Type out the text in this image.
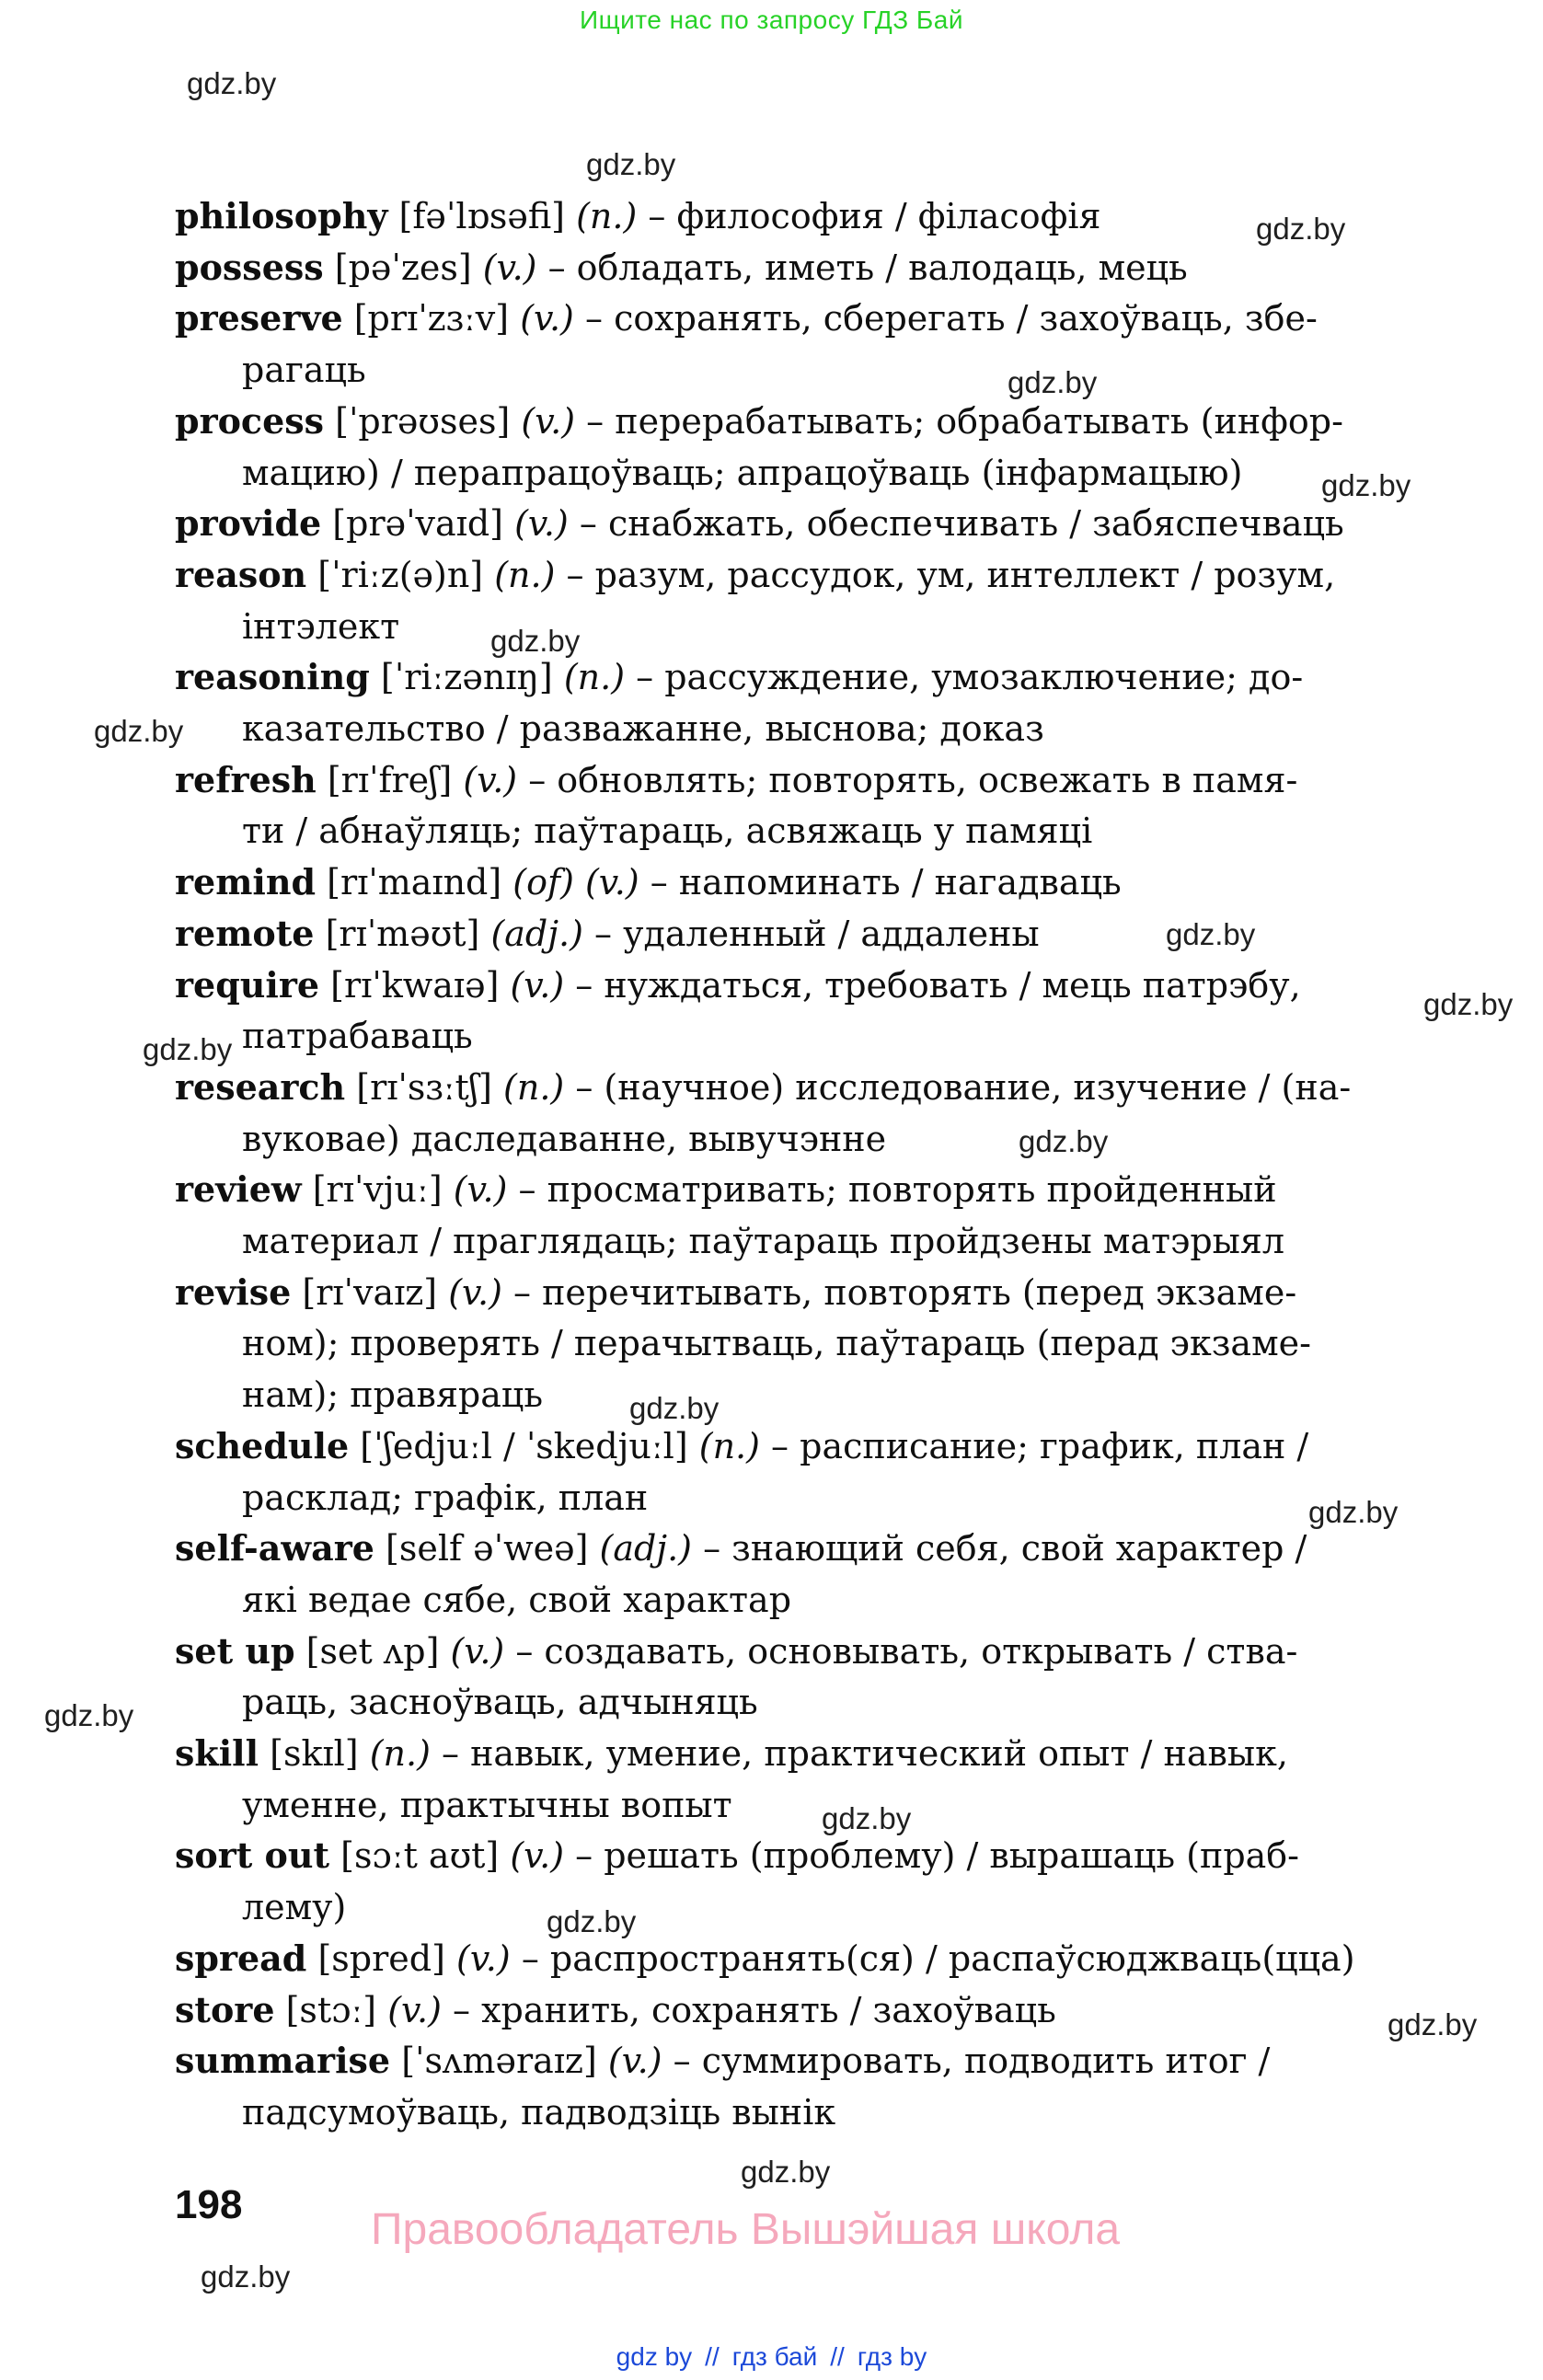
Ищите нас по запросу ГДЗ Бай
gdz.by
gdz.by
gdz.by
gdz.by
gdz.by
gdz.by
gdz.by
gdz.by
gdz.by
gdz.by
gdz.by
gdz.by
gdz.by
gdz.by
gdz.by
gdz.by
gdz.by
gdz.by
gdz.by
philosophy [fəˈlɒsəfi] (n.) – философия / філасофія
possess [pəˈzes] (v.) – обладать, иметь / валодаць, мець
preserve [prɪˈzɜːv] (v.) – сохранять, сберегать / захоўваць, збе-
рагаць
process [ˈprəʊses] (v.) – перерабатывать; обрабатывать (инфор-
мацию) / перапрацоўваць; апрацоўваць (інфармацыю)
provide [prəˈvaɪd] (v.) – снабжать, обеспечивать / забяспечваць
reason [ˈriːz(ə)n] (n.) – разум, рассудок, ум, интеллект / розум,
інтэлект
reasoning [ˈriːzənɪŋ] (n.) – рассуждение, умозаключение; до-
казательство / разважанне, выснова; доказ
refresh [rɪˈfreʃ] (v.) – обновлять; повторять, освежать в памя-
ти / абнаўляць; паўтараць, асвяжаць у памяці
remind [rɪˈmaɪnd] (of) (v.) – напоминать / нагадваць
remote [rɪˈməʊt] (adj.) – удаленный / аддалены
require [rɪˈkwaɪə] (v.) – нуждаться, требовать / мець патрэбу,
патрабаваць
research [rɪˈsɜːtʃ] (n.) – (научное) исследование, изучение / (на-
вуковае) даследаванне, вывучэнне
review [rɪˈvjuː] (v.) – просматривать; повторять пройденный
материал / праглядаць; паўтараць пройдзены матэрыял
revise [rɪˈvaɪz] (v.) – перечитывать, повторять (перед экзаме-
ном); проверять / перачытваць, паўтараць (перад экзаме-
нам); правяраць
schedule [ˈʃedjuːl / ˈskedjuːl] (n.) – расписание; график, план /
расклад; графік, план
self-aware [self əˈweə] (adj.) – знающий себя, свой характер /
які ведае сябе, свой характар
set up [set ʌp] (v.) – создавать, основывать, открывать / ства-
раць, засноўваць, адчыняць
skill [skɪl] (n.) – навык, умение, практический опыт / навык,
уменне, практычны вопыт
sort out [sɔːt aʊt] (v.) – решать (проблему) / вырашаць (праб-
лему)
spread [spred] (v.) – распространять(ся) / распаўсюджваць(цца)
store [stɔː] (v.) – хранить, сохранять / захоўваць
summarise [ˈsʌməraɪz] (v.) – суммировать, подводить итог /
падсумоўваць, падводзіць вынік
198
Правообладатель Вышэйшая школа
gdz by // гдз бай // гдз by
